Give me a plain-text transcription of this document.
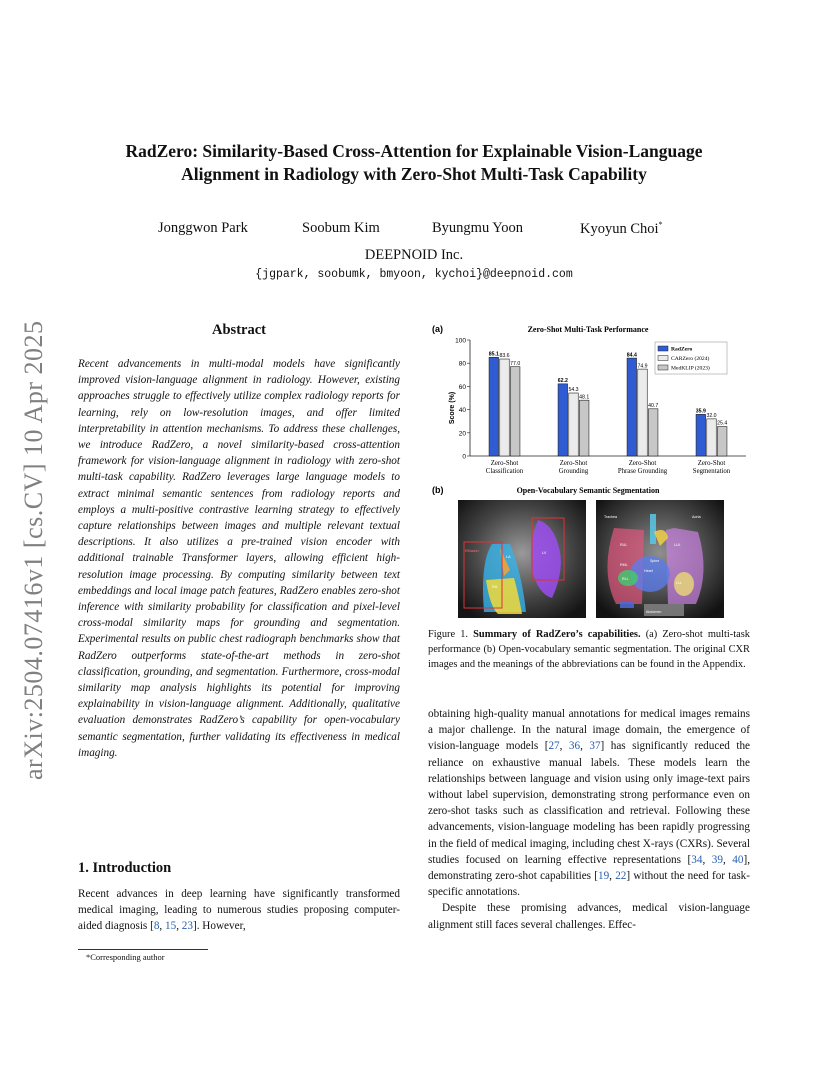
arXiv:2504.07416v1 [cs.CV] 10 Apr 2025
RadZero: Similarity-Based Cross-Attention for Explainable Vision-Language
Alignment in Radiology with Zero-Shot Multi-Task Capability
Jonggwon Park	Soobum Kim	Byungmu Yoon	Kyoyun Choi*
DEEPNOID Inc.
{jgpark, soobumk, bmyoon, kychoi}@deepnoid.com
Abstract
Recent advancements in multi-modal models have significantly improved vision-language alignment in radiology. However, existing approaches struggle to effectively utilize complex radiology reports for learning, rely on low-resolution images, and offer limited interpretability in attention mechanisms. To address these challenges, we introduce RadZero, a novel similarity-based cross-attention framework for vision-language alignment in radiology with zero-shot multi-task capability. RadZero leverages large language models to extract minimal semantic sentences from radiology reports and employs a multi-positive contrastive learning strategy to effectively capture relationships between images and multiple relevant textual descriptions. It also utilizes a pre-trained vision encoder with additional trainable Transformer layers, allowing efficient high-resolution image processing. By computing similarity between text embeddings and local image patch features, RadZero enables zero-shot inference with similarity probability for classification and pixel-level cross-modal similarity maps for grounding and segmentation. Experimental results on public chest radiograph benchmarks show that RadZero outperforms state-of-the-art methods in zero-shot classification, grounding, and segmentation. Furthermore, cross-modal similarity map analysis highlights its potential for improving explainability in vision-language alignment. Additionally, qualitative evaluation demonstrates RadZero’s capability for open-vocabulary semantic segmentation, further validating its effectiveness in medical imaging.
1. Introduction
Recent advances in deep learning have significantly transformed medical imaging, leading to numerous studies proposing computer-aided diagnosis [8, 15, 23]. However,
*Corresponding author
(a)	Zero-Shot Multi-Task Performance
Score (%)
0
20
40
60
80
100
85.1 83.6
77.0
Zero-Shot
Classification
62.2
54.3
48.1
Zero-Shot
Grounding
84.4
74.9
40.7
Zero-Shot
Phrase Grounding
35.9
32.0
25.4
Zero-Shot
Segmentation
RadZero
CARZero (2024)
MedKLIP (2023)
(b)	Open-Vocabulary Semantic Segmentation
Effusion
LA
RA
LV
Trachea	Aorta
RUL	LUL
RML
LLL
RLL
Heart
Spine
Abdomen
Figure 1. Summary of RadZero’s capabilities. (a) Zero-shot multi-task performance (b) Open-vocabulary semantic segmentation. The original CXR images and the meanings of the abbreviations can be found in the Appendix.

obtaining high-quality manual annotations for medical images remains a major challenge. In the natural image domain, the emergence of vision-language models [27, 36, 37] has significantly reduced the reliance on exhaustive manual labels. These models learn the relationships between language and vision using only image-text pairs without label supervision, demonstrating strong performance even on zero-shot tasks such as classification and retrieval. Following these advancements, vision-language modeling has been rapidly progressing in the field of medical imaging, including chest X-rays (CXRs). Several studies focused on learning effective representations [34, 39, 40], demonstrating zero-shot capabilities [19, 22] without the need for task-specific annotations.

Despite these promising advances, medical vision-language alignment still faces several challenges. Effec-
